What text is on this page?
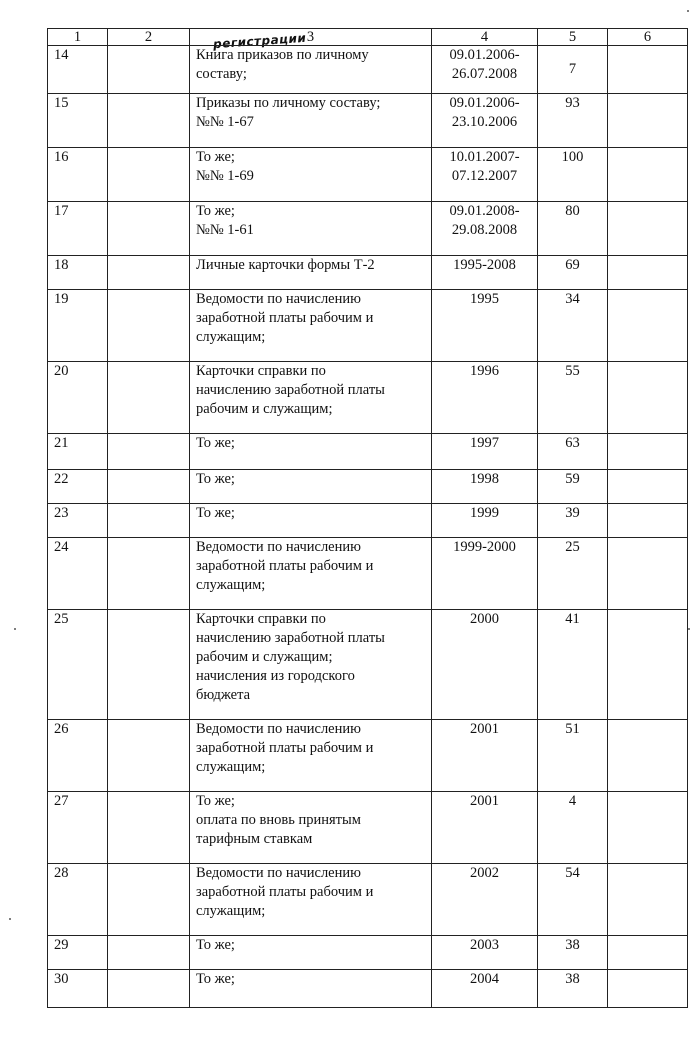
регистрации
1	2	3	4	5	6
14		Книга приказов по личному
составу;	09.01.2006-
26.07.2008	7	
15		Приказы по личному составу;
№№ 1-67	09.01.2006-
23.10.2006	93	
16		То же;
№№ 1-69	10.01.2007-
07.12.2007	100	
17		То же;
№№ 1-61	09.01.2008-
29.08.2008	80	
18		Личные карточки формы Т-2	1995-2008	69	
19		Ведомости по начислению
заработной платы рабочим и
служащим;	1995	34	
20		Карточки справки по
начислению заработной платы
рабочим и служащим;	1996	55	
21		То же;	1997	63	
22		То же;	1998	59	
23		То же;	1999	39	
24		Ведомости по начислению
заработной платы рабочим и
служащим;	1999-2000	25	
25		Карточки справки по
начислению заработной платы
рабочим и служащим;
начисления из городского
бюджета	2000	41	
26		Ведомости по начислению
заработной платы рабочим и
служащим;	2001	51	
27		То же;
оплата по вновь принятым
тарифным ставкам	2001	4	
28		Ведомости по начислению
заработной платы рабочим и
служащим;	2002	54	
29		То же;	2003	38	
30		То же;	2004	38	
